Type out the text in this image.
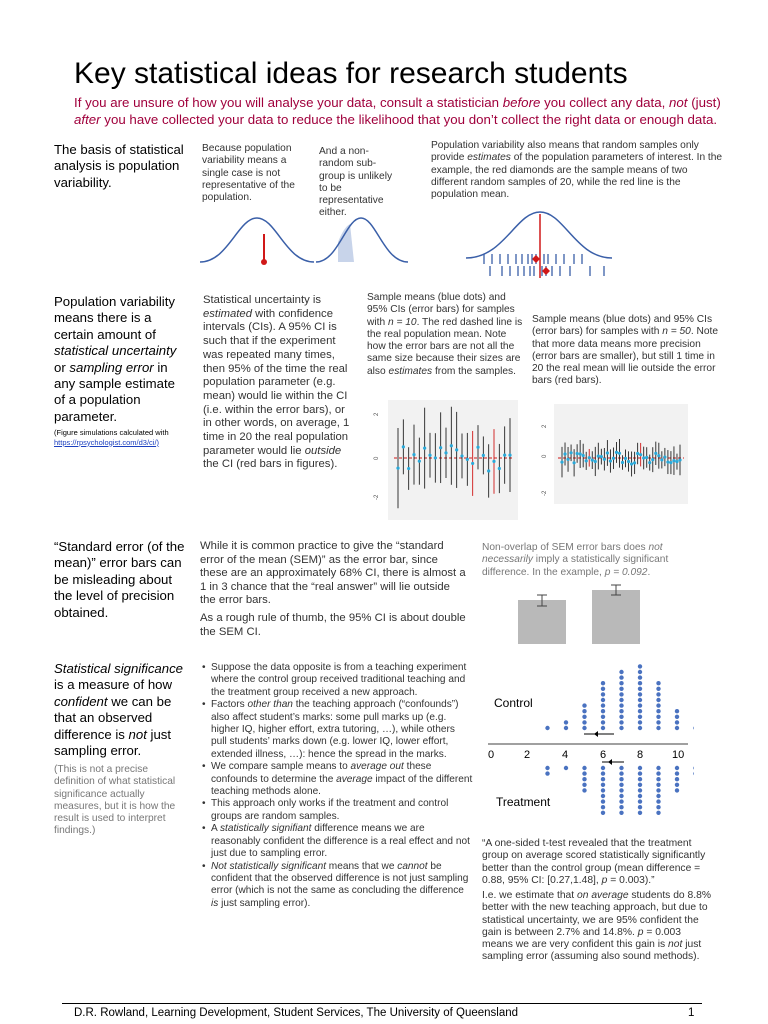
Key statistical ideas for research students
If you are unsure of how you will analyse your data, consult a statistician before you collect any data, not (just) after you have collected your data to reduce the likelihood that you don’t collect the right data or enough data.
The basis of statistical analysis is population variability.
Because population variability means a single case is not representative of the population.
And a non-random sub-group is unlikely to be representative either.
Population variability also means that random samples only provide estimates of the population parameters of interest. In the example, the red diamonds are the sample means of two different random samples of 20, while the red line is the population mean.
Population variability means there is a certain amount of statistical uncertainty or sampling error in any sample estimate of a population parameter.
(Figure simulations calculated with
https://rpsychologist.com/d3/ci/)
Statistical uncertainty is estimated with confidence intervals (CIs). A 95% CI is such that if the experiment was repeated many times, then 95% of the time the real population parameter (e.g. mean) would lie within the CI (i.e. within the error bars), or in other words, on average, 1 time in 20 the real population parameter would lie outside the CI (red bars in figures).
Sample means (blue dots) and 95% CIs (error bars) for samples with n = 10. The red dashed line is the real population mean. Note how the error bars are not all the same size because their sizes are also estimates from the samples.
Sample means (blue dots) and 95% CIs (error bars) for samples with n = 50. Note that more data means more precision (error bars are smaller), but still 1 time in 20 the real mean will lie outside the error bars (red bars).
2
0
-2
2
0
-2
“Standard error (of the mean)” error bars can be misleading about the level of precision obtained.
While it is common practice to give the “standard error of the mean (SEM)” as the error bar, since these are an approximately 68% CI, there is almost a 1 in 3 chance that the “real answer” will lie outside the error bars.
As a rough rule of thumb, the 95% CI is about double the SEM CI.
Non-overlap of SEM error bars does not necessarily imply a statistically significant difference. In the example, p = 0.092.
Statistical significance is a measure of how confident we can be that an observed difference is not just sampling error.
(This is not a precise definition of what statistical significance actually measures, but it is how the result is used to interpret findings.)
• Suppose the data opposite is from a teaching experiment where the control group received traditional teaching and the treatment group received a new approach.
• Factors other than the teaching approach (“confounds”) also affect student’s marks: some pull marks up (e.g. higher IQ, higher effort, extra tutoring, …), while others pull students’ marks down (e.g. lower IQ, lower effort, extended illness, …): hence the spread in the marks.
• We compare sample means to average out these confounds to determine the average impact of the different teaching methods alone.
• This approach only works if the treatment and control groups are random samples.
• A statistically signifiant difference means we are reasonably confident the difference is a real effect and not just due to sampling error.
• Not statistically significant means that we cannot be confident that the observed difference is not just sampling error (which is not the same as concluding the difference is just sampling error).
Control
Treatment
0	2	4	6	8	10
“A one-sided t-test revealed that the treatment group on average scored statistically significantly better than the control group (mean difference = 0.88, 95% CI: [0.27,1.48], p = 0.003).”
I.e. we estimate that on average students do 8.8% better with the new teaching approach, but due to statistical uncertainty, we are 95% confident the gain is between 2.7% and 14.8%. p = 0.003 means we are very confident this gain is not just sampling error (assuming also sound methods).
D.R. Rowland, Learning Development, Student Services, The University of Queensland	1
